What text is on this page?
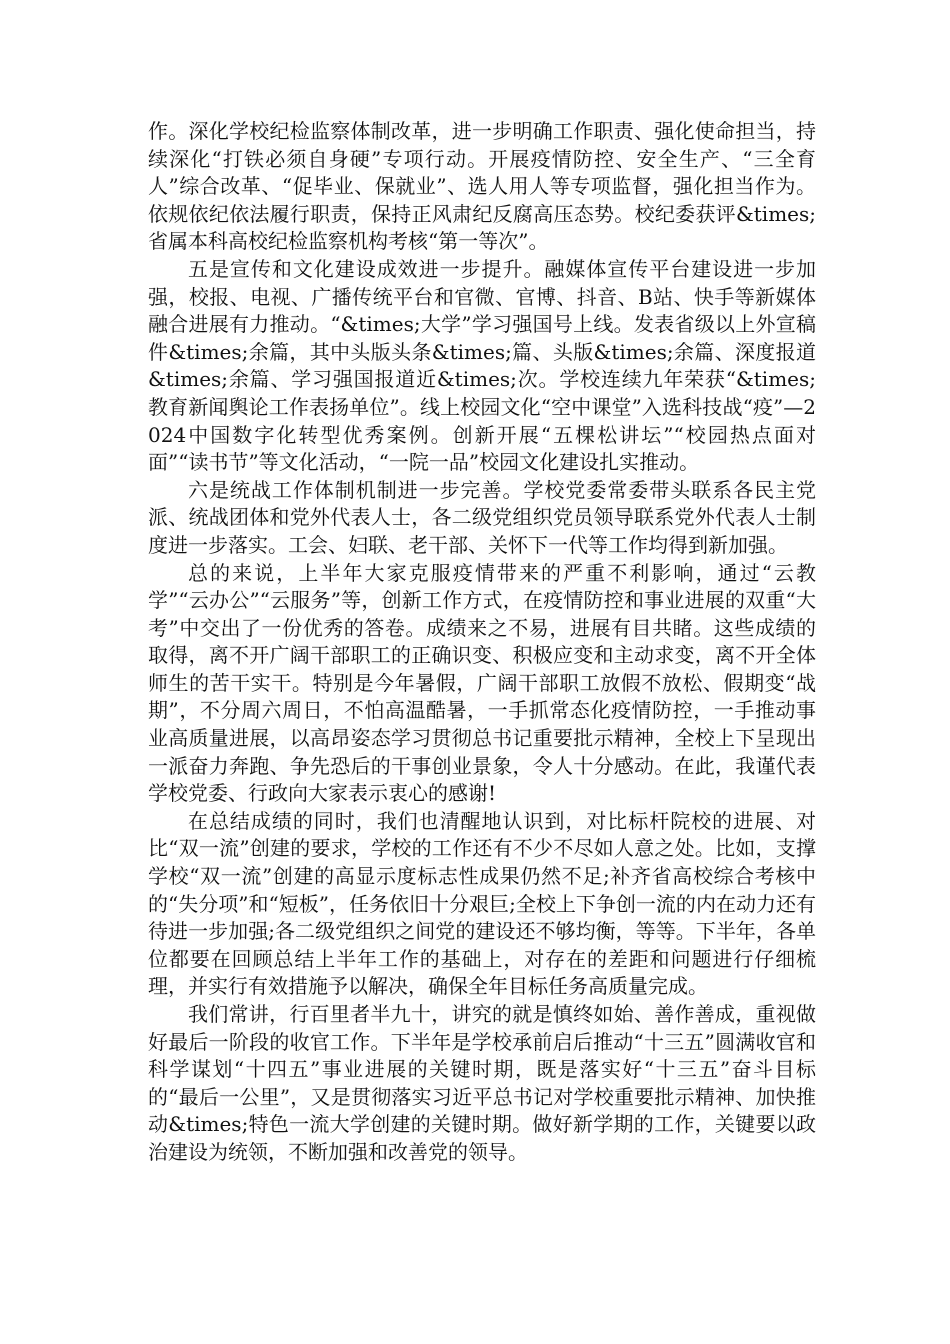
作。深化学校纪检监察体制改革，进一步明确工作职责、强化使命担当，持续深化“打铁必须自身硬”专项行动。开展疫情防控、安全生产、“三全育人”综合改革、“促毕业、保就业”、选人用人等专项监督，强化担当作为。依规依纪依法履行职责，保持正风肃纪反腐高压态势。校纪委获评&times;省属本科高校纪检监察机构考核“第一等次”。

五是宣传和文化建设成效进一步提升。融媒体宣传平台建设进一步加强，校报、电视、广播传统平台和官微、官博、抖音、B站、快手等新媒体融合进展有力推动。“&times;大学”学习强国号上线。发表省级以上外宣稿件&times;余篇，其中头版头条&times;篇、头版&times;余篇、深度报道&times;余篇、学习强国报道近&times;次。学校连续九年荣获“&times;教育新闻舆论工作表扬单位”。线上校园文化“空中课堂”入选科技战“疫”—2024中国数字化转型优秀案例。创新开展“五棵松讲坛”“校园热点面对面”“读书节”等文化活动，“一院一品”校园文化建设扎实推动。

六是统战工作体制机制进一步完善。学校党委常委带头联系各民主党派、统战团体和党外代表人士，各二级党组织党员领导联系党外代表人士制度进一步落实。工会、妇联、老干部、关怀下一代等工作均得到新加强。

总的来说，上半年大家克服疫情带来的严重不利影响，通过“云教学”“云办公”“云服务”等，创新工作方式，在疫情防控和事业进展的双重“大考”中交出了一份优秀的答卷。成绩来之不易，进展有目共睹。这些成绩的取得，离不开广阔干部职工的正确识变、积极应变和主动求变，离不开全体师生的苦干实干。特别是今年暑假，广阔干部职工放假不放松、假期变“战期”，不分周六周日，不怕高温酷暑，一手抓常态化疫情防控，一手推动事业高质量进展，以高昂姿态学习贯彻总书记重要批示精神，全校上下呈现出一派奋力奔跑、争先恐后的干事创业景象，令人十分感动。在此，我谨代表学校党委、行政向大家表示衷心的感谢!

在总结成绩的同时，我们也清醒地认识到，对比标杆院校的进展、对比“双一流”创建的要求，学校的工作还有不少不尽如人意之处。比如，支撑学校“双一流”创建的高显示度标志性成果仍然不足;补齐省高校综合考核中的“失分项”和“短板”，任务依旧十分艰巨;全校上下争创一流的内在动力还有待进一步加强;各二级党组织之间党的建设还不够均衡，等等。下半年，各单位都要在回顾总结上半年工作的基础上，对存在的差距和问题进行仔细梳理，并实行有效措施予以解决，确保全年目标任务高质量完成。

我们常讲，行百里者半九十，讲究的就是慎终如始、善作善成，重视做好最后一阶段的收官工作。下半年是学校承前启后推动“十三五”圆满收官和科学谋划“十四五”事业进展的关键时期，既是落实好“十三五”奋斗目标的“最后一公里”，又是贯彻落实习近平总书记对学校重要批示精神、加快推动&times;特色一流大学创建的关键时期。做好新学期的工作，关键要以政治建设为统领，不断加强和改善党的领导。
